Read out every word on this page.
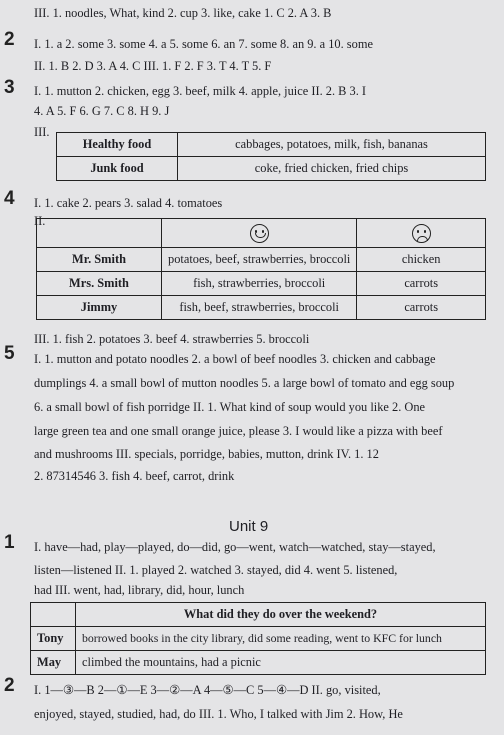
2
3
4
5
1
2
III. 1. noodles, What, kind 2. cup 3. like, cake 1. C 2. A 3. B
I. 1. a 2. some 3. some 4. a 5. some 6. an 7. some 8. an 9. a 10. some
II. 1. B 2. D 3. A 4. C III. 1. F 2. F 3. T 4. T 5. F
I. 1. mutton 2. chicken, egg 3. beef, milk 4. apple, juice II. 2. B 3. I
4. A 5. F 6. G 7. C 8. H 9. J
III.
I. 1. cake 2. pears 3. salad 4. tomatoes
II.
III. 1. fish 2. potatoes 3. beef 4. strawberries 5. broccoli
I. 1. mutton and potato noodles 2. a bowl of beef noodles 3. chicken and cabbage
dumplings 4. a small bowl of mutton noodles 5. a large bowl of tomato and egg soup
6. a small bowl of fish porridge II. 1. What kind of soup would you like 2. One
large green tea and one small orange juice, please 3. I would like a pizza with beef
and mushrooms III. specials, porridge, babies, mutton, drink IV. 1. 12
2. 87314546 3. fish 4. beef, carrot, drink
I. have—had, play—played, do—did, go—went, watch—watched, stay—stayed,
listen—listened II. 1. played 2. watched 3. stayed, did 4. went 5. listened,
had III. went, had, library, did, hour, lunch
I. 1—③—B 2—①—E 3—②—A 4—⑤—C 5—④—D II. go, visited,
enjoyed, stayed, studied, had, do III. 1. Who, I talked with Jim 2. How, He
Healthy food	cabbages, potatoes, milk, fish, bananas
Junk food	coke, fried chicken, fried chips

Mr. Smith	potatoes, beef, strawberries, broccoli	chicken
Mrs. Smith	fish, strawberries, broccoli	carrots
Jimmy	fish, beef, strawberries, broccoli	carrots
Unit 9
	What did they do over the weekend?
Tony	borrowed books in the city library, did some reading, went to KFC for lunch
May	climbed the mountains, had a picnic
